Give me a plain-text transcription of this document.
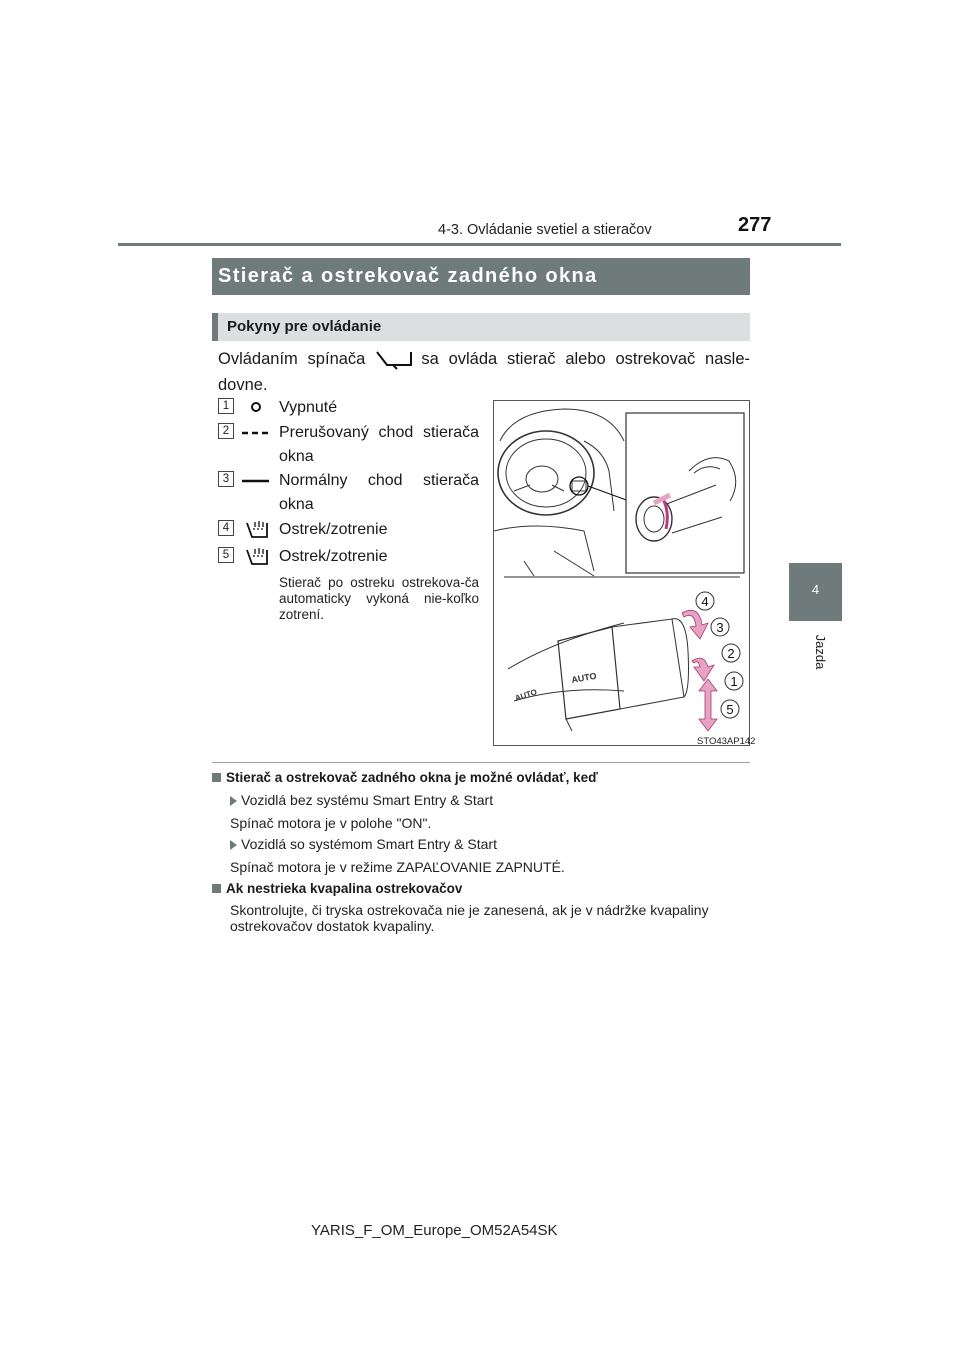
4-3. Ovládanie svetiel a stieračov	277
4
Jazda
Stierač a ostrekovač zadného okna
Pokyny pre ovládanie
Ovládaním spínača	sa ovláda stierač alebo ostrekovač nasle-dovne.
1	Vypnuté
2	Prerušovaný chod stierača okna
3	Normálny chod stierača okna
4	Ostrek/zotrenie
5	Ostrek/zotrenie
Stierač po ostreku ostrekova-ča automaticky vykoná nie-koľko zotrení.
AUTO
AUTO
4
3
2
1
5
STO43AP142
Stierač a ostrekovač zadného okna je možné ovládať, keď
Vozidlá bez systému Smart Entry & Start
Spínač motora je v polohe "ON".
Vozidlá so systémom Smart Entry & Start
Spínač motora je v režime ZAPAĽOVANIE ZAPNUTÉ.
Ak nestrieka kvapalina ostrekovačov
Skontrolujte, či tryska ostrekovača nie je zanesená, ak je v nádržke kvapaliny ostrekovačov dostatok kvapaliny.
YARIS_F_OM_Europe_OM52A54SK
